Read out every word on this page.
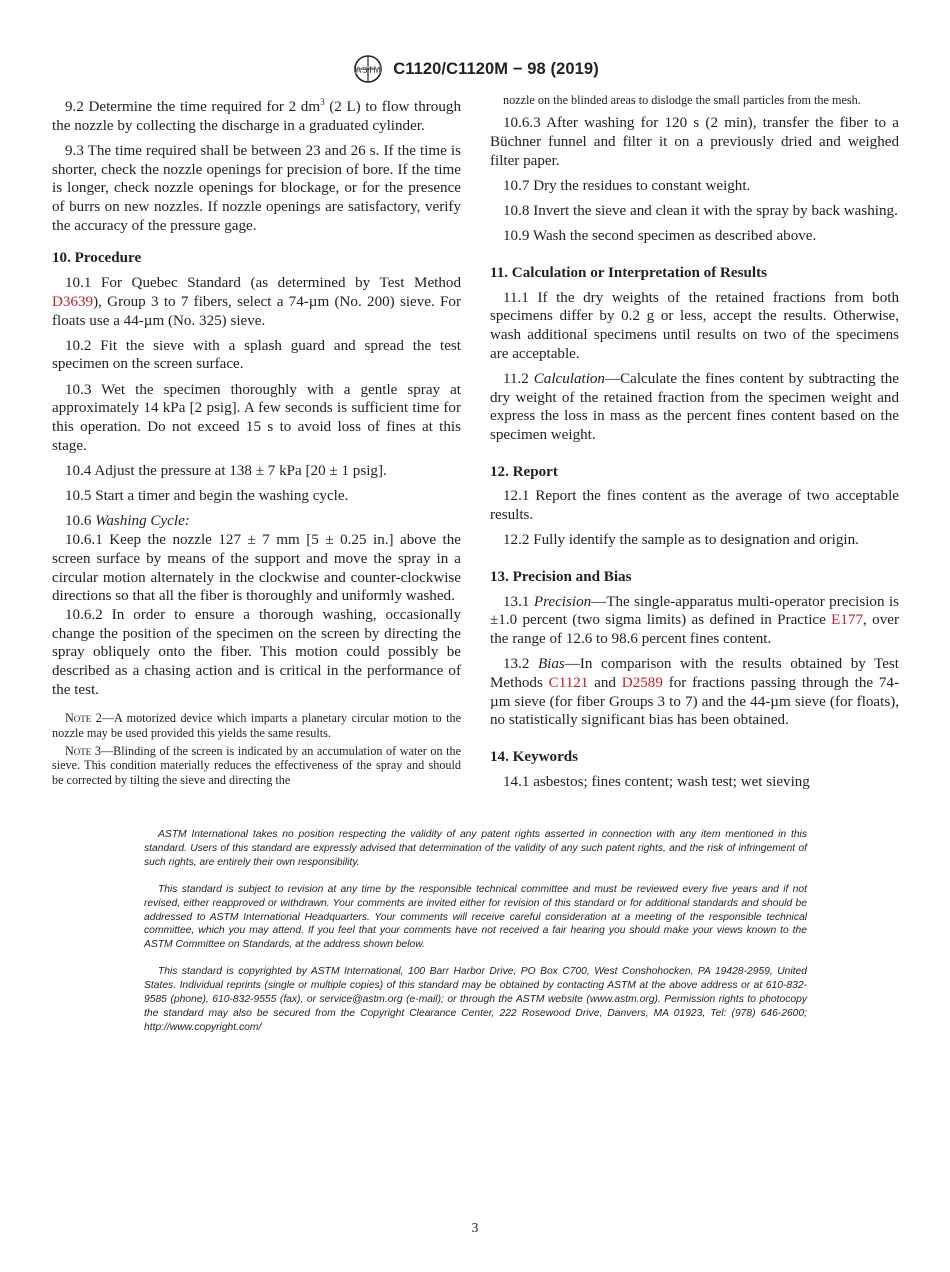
ASTM C1120/C1120M − 98 (2019)

9.2 Determine the time required for 2 $dm^3$ (2 L) to flow through the nozzle by collecting the discharge in a graduated cylinder.

9.3 The time required shall be between 23 and 26 s. If the time is shorter, check the nozzle openings for precision of bore. If the time is longer, check nozzle openings for blockage, or for the presence of burrs on new nozzles. If nozzle openings are satisfactory, verify the accuracy of the pressure gage.

10. Procedure

10.1 For Quebec Standard (as determined by Test Method D3639), Group 3 to 7 fibers, select a 74-µm (No. 200) sieve. For floats use a 44-µm (No. 325) sieve.

10.2 Fit the sieve with a splash guard and spread the test specimen on the screen surface.

10.3 Wet the specimen thoroughly with a gentle spray at approximately 14 kPa [2 psig]. A few seconds is sufficient time for this operation. Do not exceed 15 s to avoid loss of fines at this stage.

10.4 Adjust the pressure at 138 ± 7 kPa [20 ± 1 psig].

10.5 Start a timer and begin the washing cycle.

10.6 Washing Cycle:

10.6.1 Keep the nozzle 127 ± 7 mm [5 ± 0.25 in.] above the screen surface by means of the support and move the spray in a circular motion alternately in the clockwise and counter-clockwise directions so that all the fiber is thoroughly and uniformly washed.

10.6.2 In order to ensure a thorough washing, occasionally change the position of the specimen on the screen by directing the spray obliquely onto the fiber. This motion could possibly be described as a chasing action and is critical in the performance of the test.

Note 2—A motorized device which imparts a planetary circular motion to the nozzle may be used provided this yields the same results.

Note 3—Blinding of the screen is indicated by an accumulation of water on the sieve. This condition materially reduces the effectiveness of the spray and should be corrected by tilting the sieve and directing the

nozzle on the blinded areas to dislodge the small particles from the mesh.

10.6.3 After washing for 120 s (2 min), transfer the fiber to a Büchner funnel and filter it on a previously dried and weighed filter paper.

10.7 Dry the residues to constant weight.

10.8 Invert the sieve and clean it with the spray by back washing.

10.9 Wash the second specimen as described above.

11. Calculation or Interpretation of Results

11.1 If the dry weights of the retained fractions from both specimens differ by 0.2 g or less, accept the results. Otherwise, wash additional specimens until results on two of the specimens are acceptable.

11.2 Calculation—Calculate the fines content by subtracting the dry weight of the retained fraction from the specimen weight and express the loss in mass as the percent fines content based on the specimen weight.

12. Report

12.1 Report the fines content as the average of two acceptable results.

12.2 Fully identify the sample as to designation and origin.

13. Precision and Bias

13.1 Precision—The single-apparatus multi-operator precision is ±1.0 percent (two sigma limits) as defined in Practice E177, over the range of 12.6 to 98.6 percent fines content.

13.2 Bias—In comparison with the results obtained by Test Methods C1121 and D2589 for fractions passing through the 74-µm sieve (for fiber Groups 3 to 7) and the 44-µm sieve (for floats), no statistically significant bias has been obtained.

14. Keywords

14.1 asbestos; fines content; wash test; wet sieving

ASTM International takes no position respecting the validity of any patent rights asserted in connection with any item mentioned in this standard. Users of this standard are expressly advised that determination of the validity of any such patent rights, and the risk of infringement of such rights, are entirely their own responsibility.

This standard is subject to revision at any time by the responsible technical committee and must be reviewed every five years and if not revised, either reapproved or withdrawn. Your comments are invited either for revision of this standard or for additional standards and should be addressed to ASTM International Headquarters. Your comments will receive careful consideration at a meeting of the responsible technical committee, which you may attend. If you feel that your comments have not received a fair hearing you should make your views known to the ASTM Committee on Standards, at the address shown below.

This standard is copyrighted by ASTM International, 100 Barr Harbor Drive, PO Box C700, West Conshohocken, PA 19428-2959, United States. Individual reprints (single or multiple copies) of this standard may be obtained by contacting ASTM at the above address or at 610-832-9585 (phone), 610-832-9555 (fax), or service@astm.org (e-mail); or through the ASTM website (www.astm.org). Permission rights to photocopy the standard may also be secured from the Copyright Clearance Center, 222 Rosewood Drive, Danvers, MA 01923, Tel: (978) 646-2600; http://www.copyright.com/

3
